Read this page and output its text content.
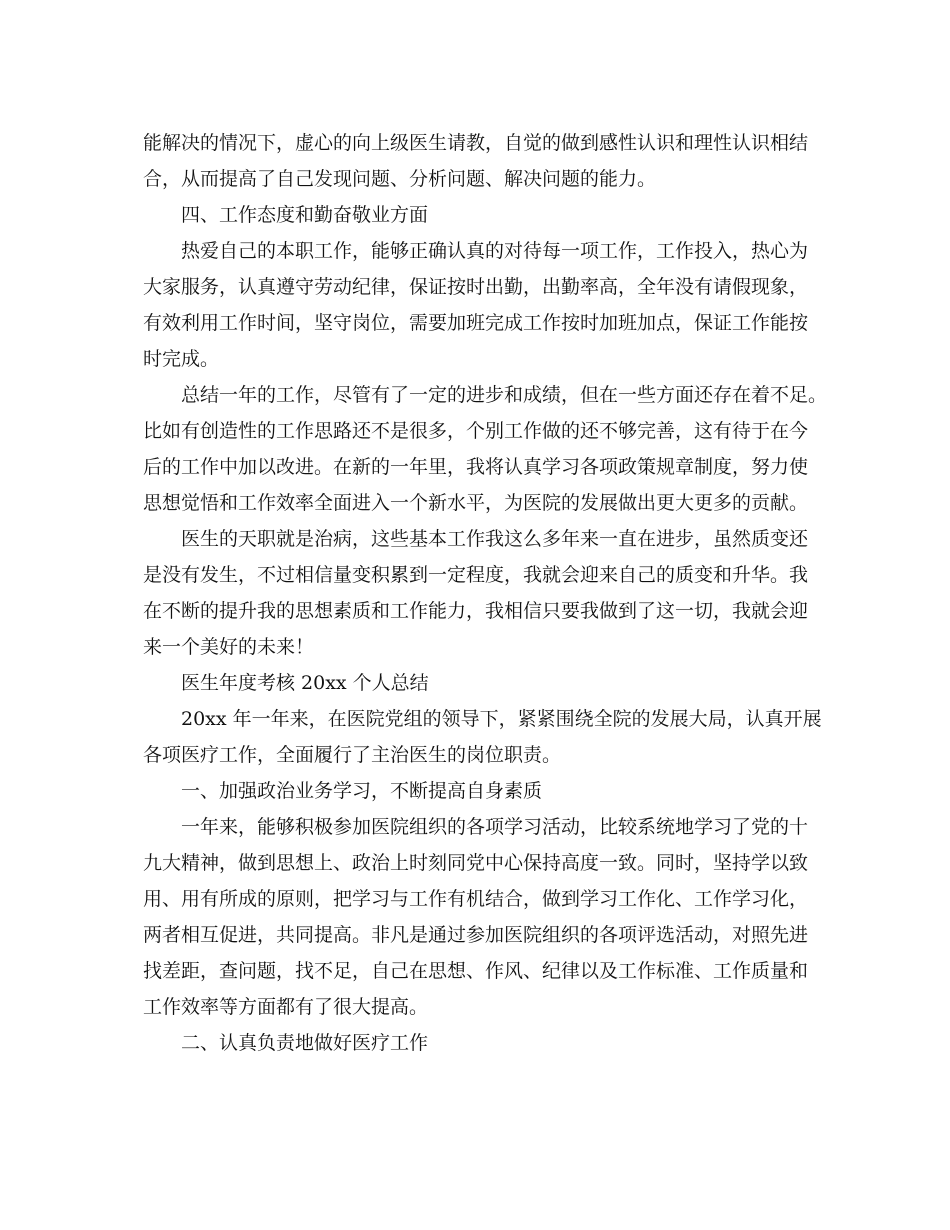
能解决的情况下，虚心的向上级医生请教，自觉的做到感性认识和理性认识相结
合，从而提高了自己发现问题、分析问题、解决问题的能力。
四、工作态度和勤奋敬业方面
热爱自己的本职工作，能够正确认真的对待每一项工作，工作投入，热心为
大家服务，认真遵守劳动纪律，保证按时出勤，出勤率高，全年没有请假现象，
有效利用工作时间，坚守岗位，需要加班完成工作按时加班加点，保证工作能按
时完成。
总结一年的工作，尽管有了一定的进步和成绩，但在一些方面还存在着不足。
比如有创造性的工作思路还不是很多，个别工作做的还不够完善，这有待于在今
后的工作中加以改进。在新的一年里，我将认真学习各项政策规章制度，努力使
思想觉悟和工作效率全面进入一个新水平，为医院的发展做出更大更多的贡献。
医生的天职就是治病，这些基本工作我这么多年来一直在进步，虽然质变还
是没有发生，不过相信量变积累到一定程度，我就会迎来自己的质变和升华。我
在不断的提升我的思想素质和工作能力，我相信只要我做到了这一切，我就会迎
来一个美好的未来！
医生年度考核 20xx 个人总结
20xx 年一年来，在医院党组的领导下，紧紧围绕全院的发展大局，认真开展
各项医疗工作，全面履行了主治医生的岗位职责。
一、加强政治业务学习，不断提高自身素质
一年来，能够积极参加医院组织的各项学习活动，比较系统地学习了党的十
九大精神，做到思想上、政治上时刻同党中心保持高度一致。同时，坚持学以致
用、用有所成的原则，把学习与工作有机结合，做到学习工作化、工作学习化，
两者相互促进，共同提高。非凡是通过参加医院组织的各项评选活动，对照先进
找差距，查问题，找不足，自己在思想、作风、纪律以及工作标准、工作质量和
工作效率等方面都有了很大提高。
二、认真负责地做好医疗工作
